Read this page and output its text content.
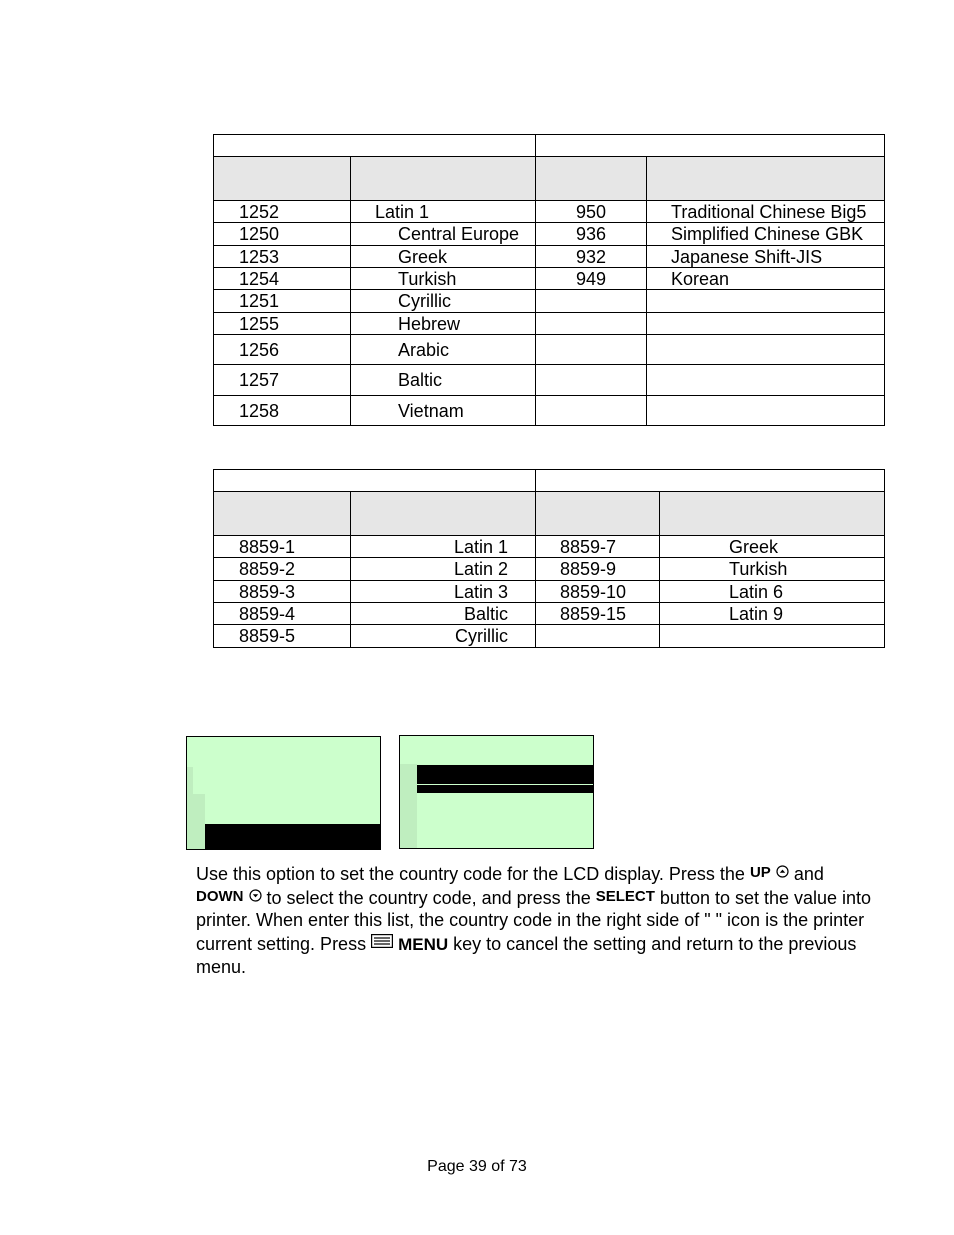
1252	Latin 1	950	Traditional Chinese Big5
1250	Central Europe	936	Simplified Chinese GBK
1253	Greek	932	Japanese Shift-JIS
1254	Turkish	949	Korean
1251	Cyrillic		
1255	Hebrew		
1256	Arabic		
1257	Baltic		
1258	Vietnam		

8859-1	Latin 1	8859-7	Greek
8859-2	Latin 2	8859-9	Turkish
8859-3	Latin 3	8859-10	Latin 6
8859-4	Baltic	8859-15	Latin 9
8859-5	Cyrillic		

Use this option to set the country code for the LCD display. Press the UP  and
DOWN  to select the country code, and press the SELECT button to set the value into printer. When enter this list, the country code in the right side of " " icon is the printer current setting. Press  MENU key to cancel the setting and return to the previous menu.

Page 39 of 73
